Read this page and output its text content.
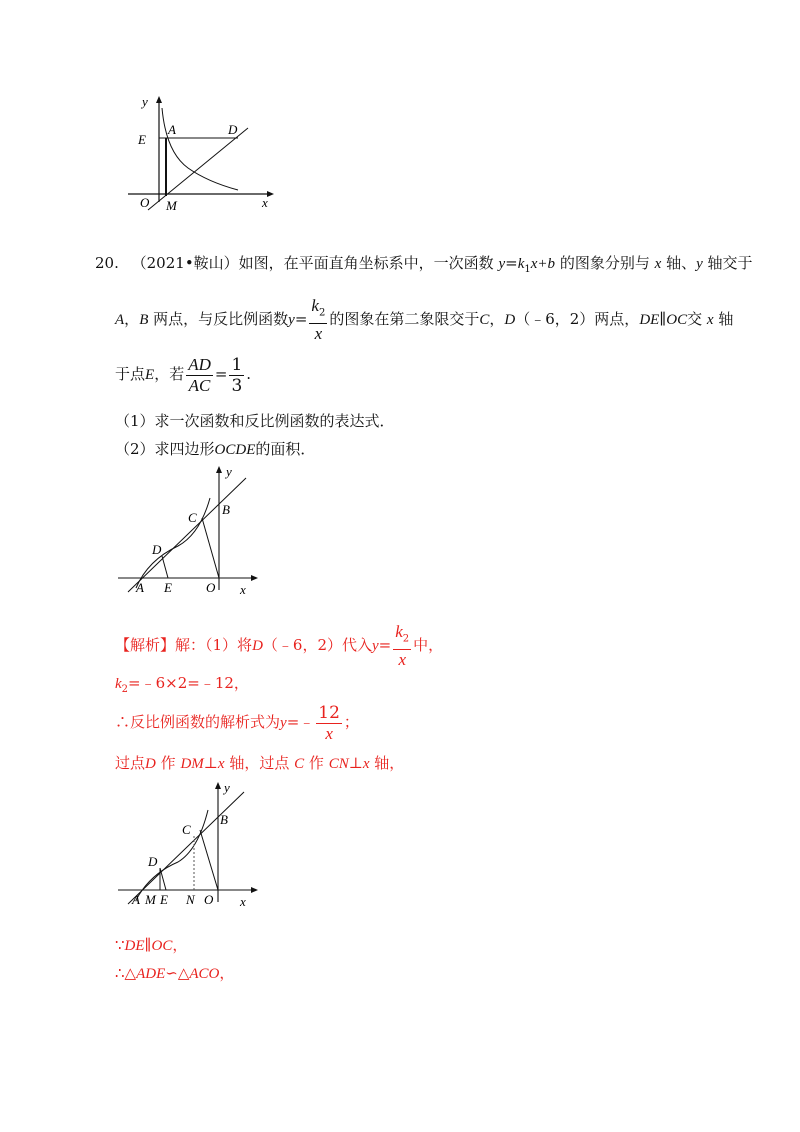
y
A	D
E
O M	x
20. （2021•鞍山）如图，在平面直角坐标系中，一次函数 $y=k_1x+b$ 的图象分别与 x 轴、y 轴交于
A，B 两点，与反比例函数$y= \frac{k_2}{x}$ 的图象在第二象限交于C，D（﹣6，2）两点，DE∥OC交 x 轴
于点E，若 $\frac{AD}{AC} = \frac{1}{3}$ .
（1）求一次函数和反比例函数的表达式．
（2）求四边形OCDE的面积．
y
C
B
D
A E	O x
【解析】解：（1）将D（﹣6，2）代入$y= \frac{k_2}{x}$ 中，
$k_2=﹣6\times 2=﹣12$，
∴反比例函数的解析式为y=﹣ $\frac{12}{x}$ ；
过点D 作 DM⊥x 轴，过点 C 作 CN⊥x 轴，
y
C
B
D
A M E N O x
∵DE∥OC，
∴△ADE∽△ACO，
